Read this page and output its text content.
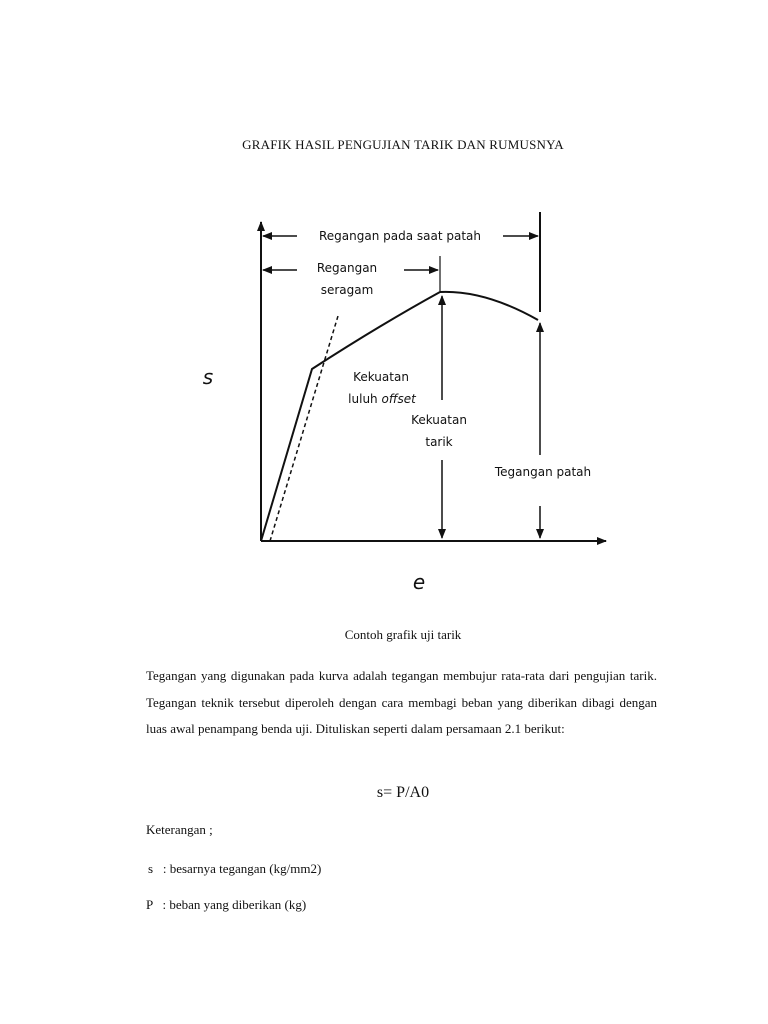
GRAFIK HASIL PENGUJIAN TARIK DAN RUMUSNYA
Regangan pada saat patah
Regangan
seragam
Kekuatan
luluh offset
Kekuatan
tarik
Tegangan patah
s
e
Contoh grafik uji tarik
Tegangan yang digunakan pada kurva adalah tegangan membujur rata-rata dari pengujian tarik. Tegangan teknik tersebut diperoleh dengan cara membagi beban yang diberikan dibagi dengan luas awal penampang benda uji. Dituliskan seperti dalam persamaan 2.1 berikut:
s= P/A0
Keterangan ;
s : besarnya tegangan (kg/mm2)
P : beban yang diberikan (kg)
